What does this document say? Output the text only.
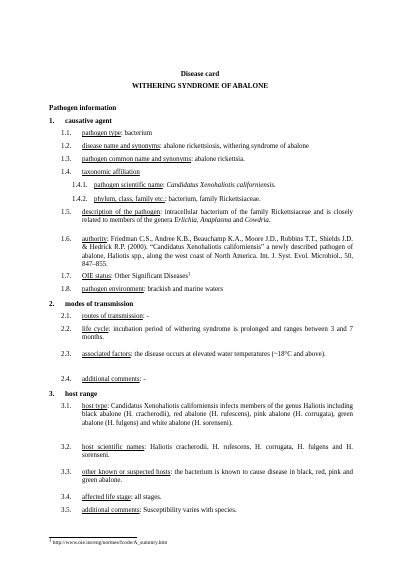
Disease card
WITHERING SYNDROME OF ABALONE
Pathogen information
1. causative agent
1.1. pathogen type: bacterium
1.2. disease name and synonyms: abalone rickettsiosis, withering syndrome of abalone
1.3. pathogen common name and synonyms: abalone rickettsia.
1.4. taxonomic affiliation
1.4.1. pathogen scientific name: Candidatus Xenohaliotis californiensis.
1.4.2. phylum, class, family etc.: bacterium, family Rickettsiaceae.
1.5. description of the pathogen: intracellular bacterium of the family Rickettsiaceae and is closely related to members of the genera Erlichia, Anaplasma and Cowdria.
1.6. authority: Friedman C.S., Andree K.B., Beauchamp K.A., Moore J.D., Robbins T.T., Shields J.D. & Hedrick R.P. (2000). “Candidatus Xenohaliotis californiensis” a newly described pathogen of abalone, Haliotis spp., along the west coast of North America. Int. J. Syst. Evol. Microbiol., 50, 847–855.
1.7. OIE status: Other Significant Diseases$^1$
1.8. pathogen environment: brackish and marine waters
2. modes of transmission
2.1. routes of transmission: -
2.2. life cycle: incubation period of withering syndrome is prolonged and ranges between 3 and 7 months.
2.3. associated factors: the disease occurs at elevated water temperatures (~18°C and above).
2.4. additional comments: -
3. host range
3.1. host type: Candidatus Xenohaliotis californiensis infects members of the genus Haliotis including black abalone (H. cracherodii), red abalone (H. rufescens), pink abalone (H. corrugata), green abalone (H. fulgens) and white abalone (H. sorenseni).
3.2. host scientific names: Haliotis cracherodii, H. rufescens, H. corrugata, H. fulgens and H. sorenseni.
3.3. other known or suspected hosts: the bacterium is known to cause disease in black, red, pink and green abalone.
3.4. affected life stage: all stages.
3.5. additional comments: Susceptibility varies with species.
$^1$ http://www.oie.int/eng/normes/fcode/A_summry.htm
